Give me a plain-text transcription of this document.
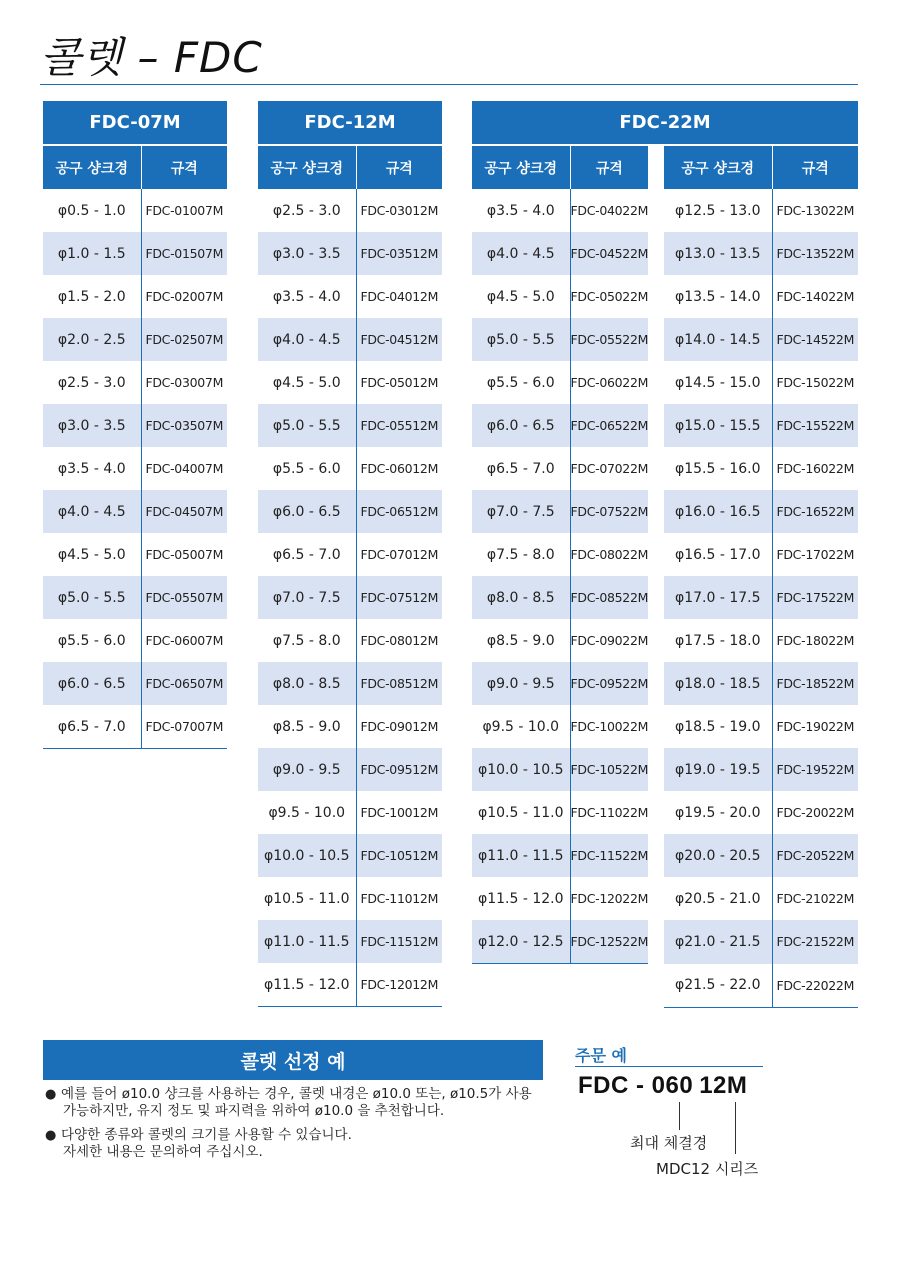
콜렛 – FDC
FDC-07M	
공구 샹크경	규격
φ0.5 - 1.0	FDC-01007M
φ1.0 - 1.5	FDC-01507M
φ1.5 - 2.0	FDC-02007M
φ2.0 - 2.5	FDC-02507M
φ2.5 - 3.0	FDC-03007M
φ3.0 - 3.5	FDC-03507M
φ3.5 - 4.0	FDC-04007M
φ4.0 - 4.5	FDC-04507M
φ4.5 - 5.0	FDC-05007M
φ5.0 - 5.5	FDC-05507M
φ5.5 - 6.0	FDC-06007M
φ6.0 - 6.5	FDC-06507M
φ6.5 - 7.0	FDC-07007M
FDC-12M	
공구 샹크경	규격
φ2.5 - 3.0	FDC-03012M
φ3.0 - 3.5	FDC-03512M
φ3.5 - 4.0	FDC-04012M
φ4.0 - 4.5	FDC-04512M
φ4.5 - 5.0	FDC-05012M
φ5.0 - 5.5	FDC-05512M
φ5.5 - 6.0	FDC-06012M
φ6.0 - 6.5	FDC-06512M
φ6.5 - 7.0	FDC-07012M
φ7.0 - 7.5	FDC-07512M
φ7.5 - 8.0	FDC-08012M
φ8.0 - 8.5	FDC-08512M
φ8.5 - 9.0	FDC-09012M
φ9.0 - 9.5	FDC-09512M
φ9.5 - 10.0	FDC-10012M
φ10.0 - 10.5	FDC-10512M
φ10.5 - 11.0	FDC-11012M
φ11.0 - 11.5	FDC-11512M
φ11.5 - 12.0	FDC-12012M
FDC-22M			
공구 샹크경	규격	공구 샹크경	규격
φ3.5 - 4.0	FDC-04022M	φ12.5 - 13.0	FDC-13022M
φ4.0 - 4.5	FDC-04522M	φ13.0 - 13.5	FDC-13522M
φ4.5 - 5.0	FDC-05022M	φ13.5 - 14.0	FDC-14022M
φ5.0 - 5.5	FDC-05522M	φ14.0 - 14.5	FDC-14522M
φ5.5 - 6.0	FDC-06022M	φ14.5 - 15.0	FDC-15022M
φ6.0 - 6.5	FDC-06522M	φ15.0 - 15.5	FDC-15522M
φ6.5 - 7.0	FDC-07022M	φ15.5 - 16.0	FDC-16022M
φ7.0 - 7.5	FDC-07522M	φ16.0 - 16.5	FDC-16522M
φ7.5 - 8.0	FDC-08022M	φ16.5 - 17.0	FDC-17022M
φ8.0 - 8.5	FDC-08522M	φ17.0 - 17.5	FDC-17522M
φ8.5 - 9.0	FDC-09022M	φ17.5 - 18.0	FDC-18022M
φ9.0 - 9.5	FDC-09522M	φ18.0 - 18.5	FDC-18522M
φ9.5 - 10.0	FDC-10022M	φ18.5 - 19.0	FDC-19022M
φ10.0 - 10.5	FDC-10522M	φ19.0 - 19.5	FDC-19522M
φ10.5 - 11.0	FDC-11022M	φ19.5 - 20.0	FDC-20022M
φ11.0 - 11.5	FDC-11522M	φ20.0 - 20.5	FDC-20522M
φ11.5 - 12.0	FDC-12022M	φ20.5 - 21.0	FDC-21022M
φ12.0 - 12.5	FDC-12522M	φ21.0 - 21.5	FDC-21522M
		φ21.5 - 22.0	FDC-22022M
콜렛 선정 예
● 예를 들어 ø10.0 샹크를 사용하는 경우, 콜렛 내경은 ø10.0 또는, ø10.5가 사용
가능하지만, 유지 정도 및 파지력을 위하여 ø10.0 을 추천합니다.
● 다양한 종류와 콜렛의 크기를 사용할 수 있습니다.
자세한 내용은 문의하여 주십시오.
주문 예
FDC - 060 12M
최대 체결경
MDC12 시리즈
